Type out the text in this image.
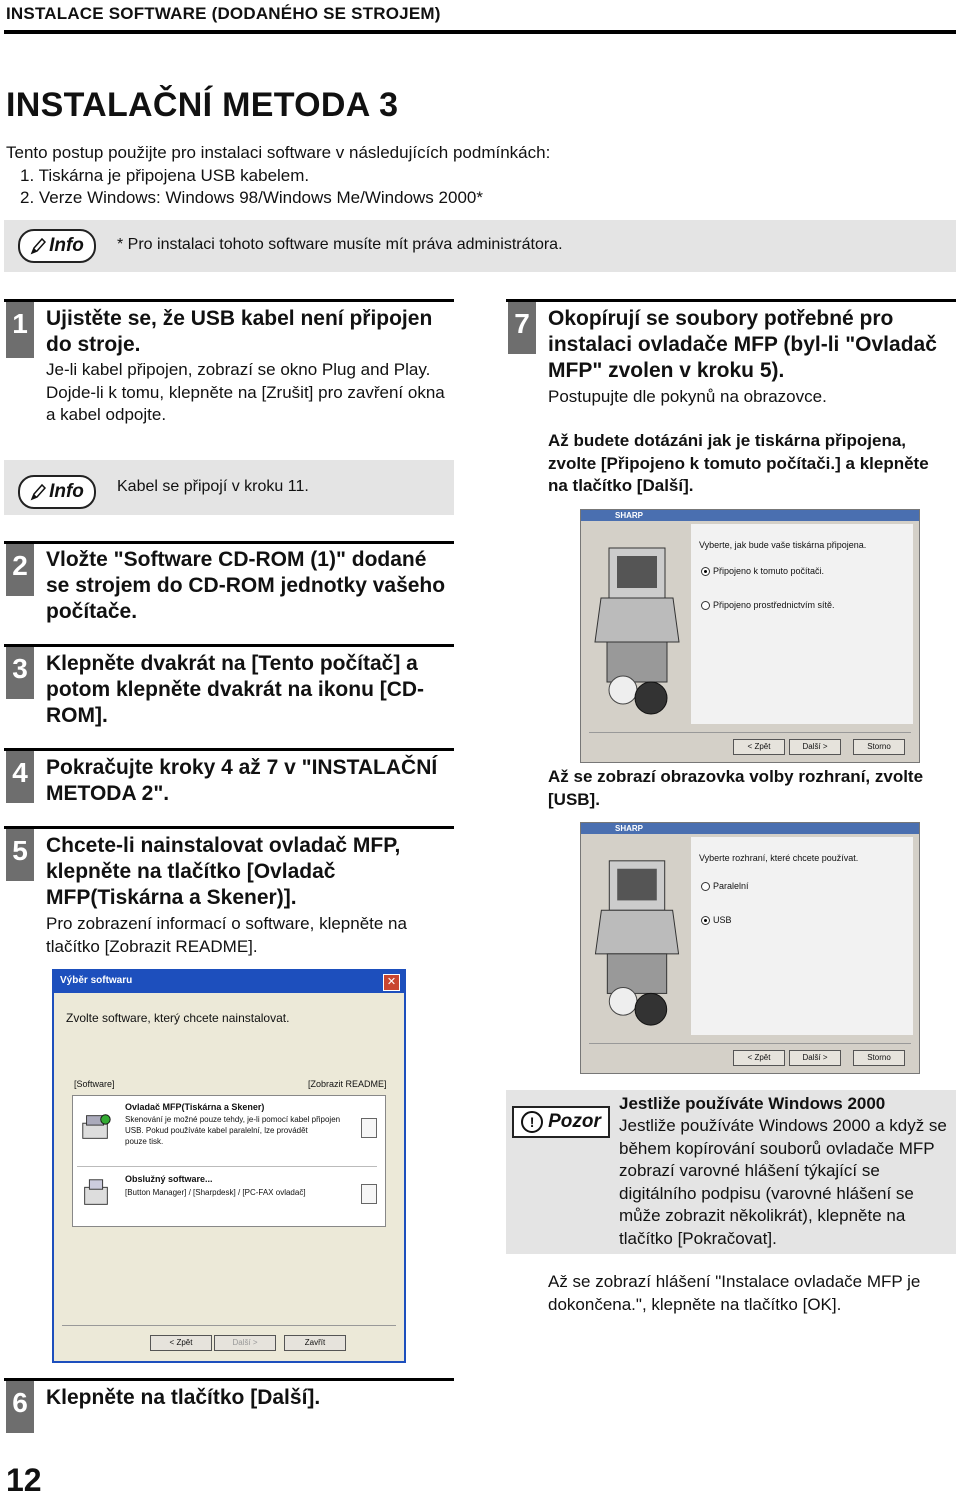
INSTALACE SOFTWARE (DODANÉHO SE STROJEM)
INSTALAČNÍ METODA 3
Tento postup použijte pro instalaci software v následujících podmínkách:
1. Tiskárna je připojena USB kabelem.
2. Verze Windows: Windows 98/Windows Me/Windows 2000*
Info * Pro instalaci tohoto software musíte mít práva administrátora.
1 Ujistěte se, že USB kabel není připojen do stroje.
Je-li kabel připojen, zobrazí se okno Plug and Play. Dojde-li k tomu, klepněte na [Zrušit] pro zavření okna a kabel odpojte.
Info Kabel se připojí v kroku 11.
2 Vložte "Software CD-ROM (1)" dodané se strojem do CD-ROM jednotky vašeho počítače.
3 Klepněte dvakrát na [Tento počítač] a potom klepněte dvakrát na ikonu [CD-ROM].
4 Pokračujte kroky 4 až 7 v "INSTALAČNÍ METODA 2".
5 Chcete-li nainstalovat ovladač MFP, klepněte na tlačítko [Ovladač MFP(Tiskárna a Skener)].
Pro zobrazení informací o software, klepněte na tlačítko [Zobrazit README].
Výběr softwaru	✕
Zvolte software, který chcete nainstalovat.
[Software]	[Zobrazit README]
Ovladač MFP(Tiskárna a Skener)
Skenování je možné pouze tehdy, je-li pomocí kabel připojen
USB. Pokud používáte kabel paralelní, lze provádět
pouze tisk.
Obslužný software...
[Button Manager] / [Sharpdesk] / [PC-FAX ovladač]
< Zpět	Další >	Zavřít
6 Klepněte na tlačítko [Další].
7 Okopírují se soubory potřebné pro instalaci ovladače MFP (byl-li "Ovladač MFP" zvolen v kroku 5).
Postupujte dle pokynů na obrazovce.
Až budete dotázáni jak je tiskárna připojena, zvolte [Připojeno k tomuto počítači.] a klepněte na tlačítko [Další].
SHARP
Vyberte, jak bude vaše tiskárna připojena.
Připojeno k tomuto počítači.
Připojeno prostřednictvím sítě.
< Zpět	Další >	Storno
Až se zobrazí obrazovka volby rozhraní, zvolte [USB].
SHARP
Vyberte rozhraní, které chcete používat.
Paralelní
USB
< Zpět	Další >	Storno
! Pozor
Jestliže používáte Windows 2000
Jestliže používáte Windows 2000 a když se během kopírování souborů ovladače MFP zobrazí varovné hlášení týkající se digitálního podpisu (varovné hlášení se může zobrazit několikrát), klepněte na tlačítko [Pokračovat].
Až se zobrazí hlášení "Instalace ovladače MFP je dokončena.", klepněte na tlačítko [OK].
12
